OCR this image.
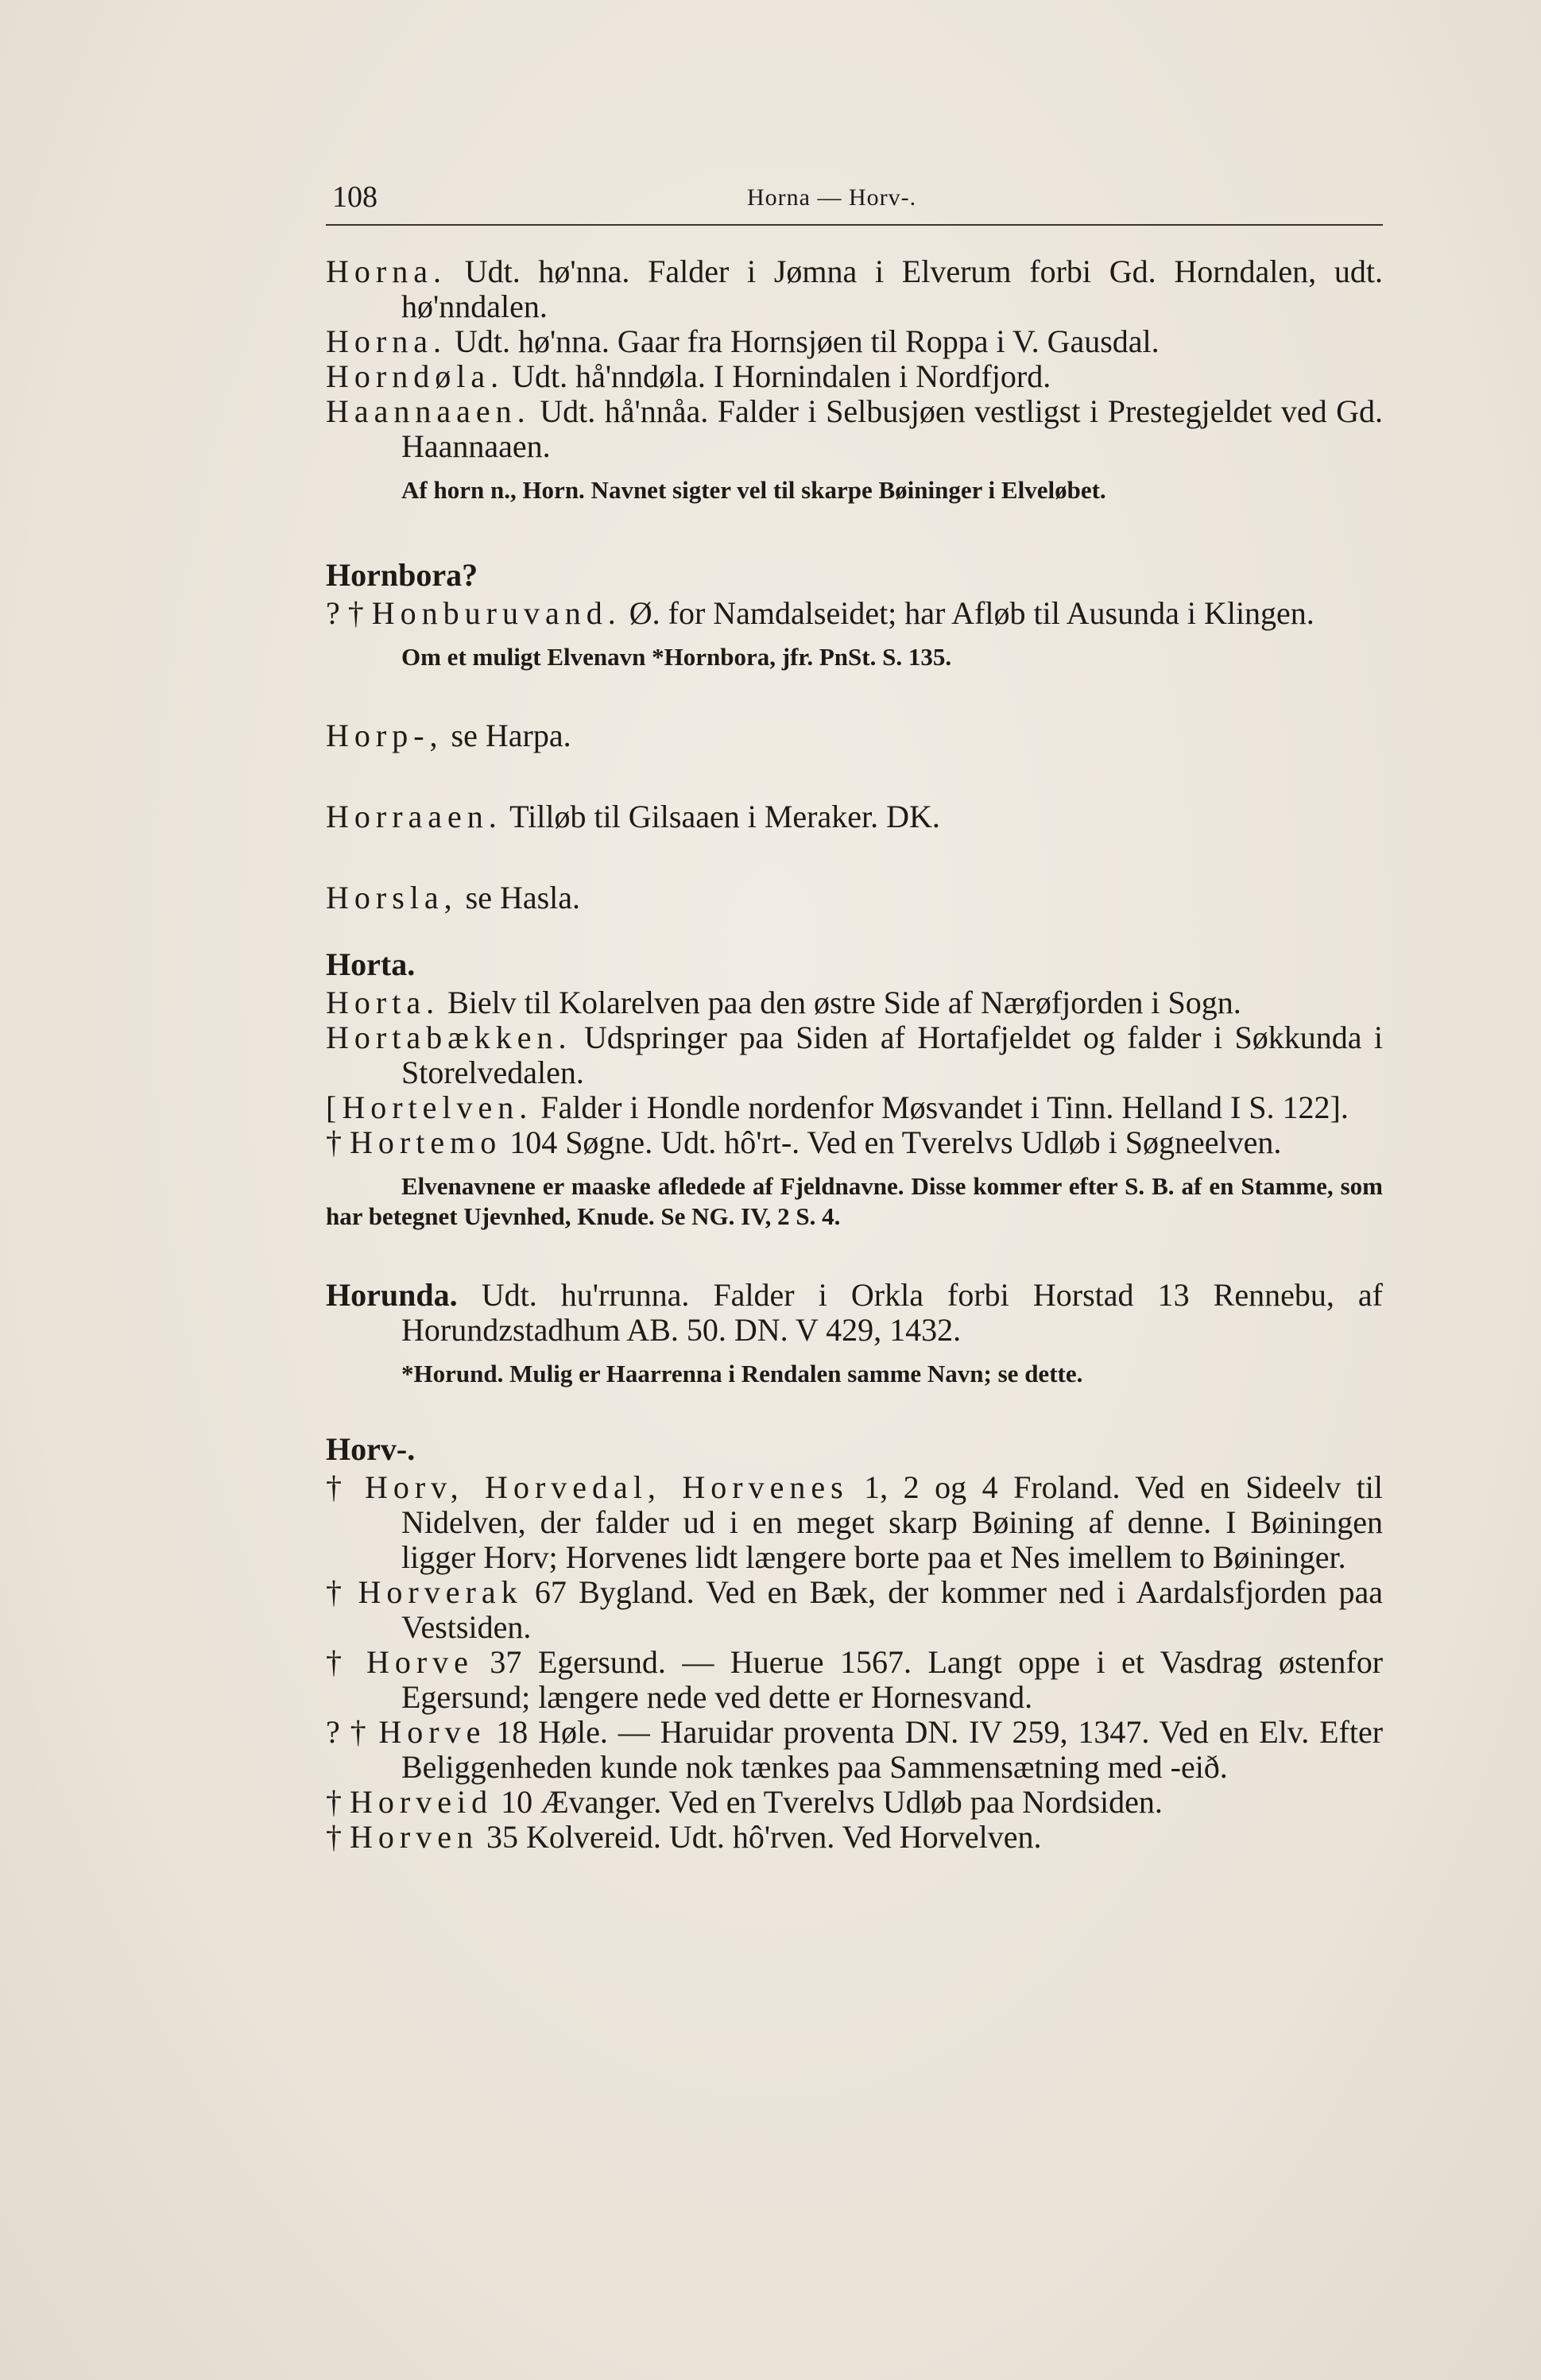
108	Horna — Horv-.

Horna. Udt. hø'nna. Falder i Jømna i Elverum forbi Gd. Horndalen, udt. hø'nndalen.

Horna. Udt. hø'nna. Gaar fra Hornsjøen til Roppa i V. Gausdal.

Horndøla. Udt. hå'nndøla. I Hornindalen i Nordfjord.

Haannaaen. Udt. hå'nnåa. Falder i Selbusjøen vestligst i Prestegjeldet ved Gd. Haannaaen.

Af horn n., Horn. Navnet sigter vel til skarpe Bøininger i Elveløbet.

Hornbora?

? † Honburuvand. Ø. for Namdalseidet; har Afløb til Ausunda i Klingen.

Om et muligt Elvenavn *Hornbora, jfr. PnSt. S. 135.

Horp-, se Harpa.

Horraaen. Tilløb til Gilsaaen i Meraker. DK.

Horsla, se Hasla.

Horta.

Horta. Bielv til Kolarelven paa den østre Side af Nærøfjorden i Sogn.

Hortabækken. Udspringer paa Siden af Hortafjeldet og falder i Søkkunda i Storelvedalen.

[Hortelven. Falder i Hondle nordenfor Møsvandet i Tinn. Helland I S. 122].

† Hortemo 104 Søgne. Udt. hô'rt-. Ved en Tverelvs Udløb i Søgneelven.

Elvenavnene er maaske afledede af Fjeldnavne. Disse kommer efter S. B. af en Stamme, som har betegnet Ujevnhed, Knude. Se NG. IV, 2 S. 4.

Horunda. Udt. hu'rrunna. Falder i Orkla forbi Horstad 13 Rennebu, af Horundzstadhum AB. 50. DN. V 429, 1432.

*Horund. Mulig er Haarrenna i Rendalen samme Navn; se dette.

Horv-.

† Horv, Horvedal, Horvenes 1, 2 og 4 Froland. Ved en Sideelv til Nidelven, der falder ud i en meget skarp Bøining af denne. I Bøiningen ligger Horv; Horvenes lidt længere borte paa et Nes imellem to Bøininger.

† Horverak 67 Bygland. Ved en Bæk, der kommer ned i Aardalsfjorden paa Vestsiden.

† Horve 37 Egersund. — Huerue 1567. Langt oppe i et Vasdrag østenfor Egersund; længere nede ved dette er Hornesvand.

? † Horve 18 Høle. — Haruidar proventa DN. IV 259, 1347. Ved en Elv. Efter Beliggenheden kunde nok tænkes paa Sammensætning med -eið.

† Horveid 10 Ævanger. Ved en Tverelvs Udløb paa Nordsiden.

† Horven 35 Kolvereid. Udt. hô'rven. Ved Horvelven.
